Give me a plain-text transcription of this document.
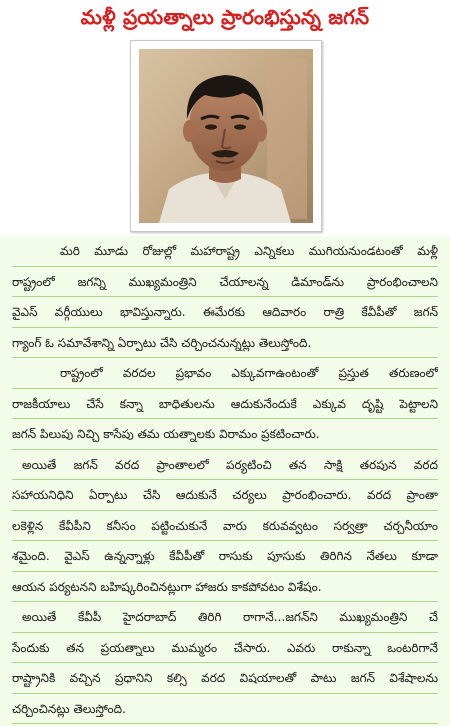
మళ్లీ ప్రయత్నాలు ప్రారంభిస్తున్న జగన్
మరి మూడు రోజుల్లో మహారాష్ట్ర ఎన్నికలు ముగియనుండటంతో మళ్లీ
రాష్ట్రంలో జగన్ని ముఖ్యమంత్రిని చేయాలన్న డిమాండ్‌ను ప్రారంభించాలని
వైఎస్ వర్గీయులు భావిస్తున్నారు. ఈమేరకు ఆదివారం రాత్రి కేవీపీతో జగన్
గ్యాంగ్ ఓ సమావేశాన్ని ఏర్పాటు చేసి చర్చించనున్నట్లు తెలుస్తోంది.
రాష్ట్రంలో వరదల ప్రభావం ఎక్కువగాఉంటంతో ప్రస్తుత తరుణంలో
రాజకీయాలు చేసే కన్నా బాధితులను ఆదుకునేందుకే ఎక్కువ దృష్టి పెట్టాలని
జగన్ పిలుపు నిచ్చి కాసేపు తమ యత్నాలకు విరామం ప్రకటించారు.
అయితే జగన్ వరద ప్రాంతాలలో పర్యటించి తన సాక్షి తరపున వరద
సహాయనిధిని ఏర్పాటు చేసి ఆదుకునే చర్యలు ప్రారంభించారు. వరద ప్రాంతా
లకెళ్లిన కేవీపీని కనీసం పట్టించుకునే వారు కరువవ్వటం సర్వత్రా చర్చనీయాం
శమైంది. వైఎస్ ఉన్నన్నాళ్లు కేవీపీతో రాసుకు పూసుకు తిరిగిన నేతలు కూడా
ఆయన పర్యటనని బహిష్కరించినట్లుగా హాజరు కాకపోవటం విశేషం.
అయితే కేవీపీ హైదరాబాద్ తిరిగి రాగానే...జగన్‌ని ముఖ్యమంత్రిని చే
సేందుకు తన ప్రయత్నాలు ముమ్మరం చేసారు. ఎవరు రాకున్నా ఒంటరిగానే
రాష్ట్రానికి వచ్చిన ప్రధానిని కల్సి వరద విషయాలతో పాటు జగన్ విశేషాలను
చర్చించినట్లు తెలుస్తోంది.
